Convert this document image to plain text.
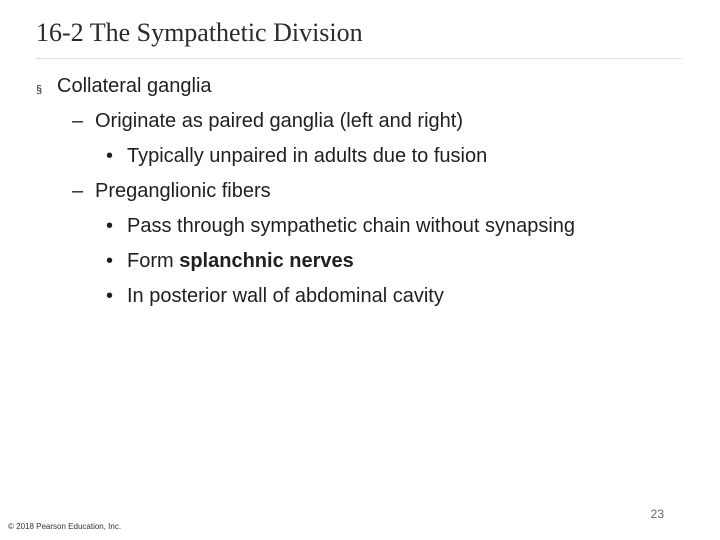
16-2 The Sympathetic Division
§ Collateral ganglia
– Originate as paired ganglia (left and right)
• Typically unpaired in adults due to fusion
– Preganglionic fibers
• Pass through sympathetic chain without synapsing
• Form splanchnic nerves
• In posterior wall of abdominal cavity
23
© 2018 Pearson Education, Inc.
